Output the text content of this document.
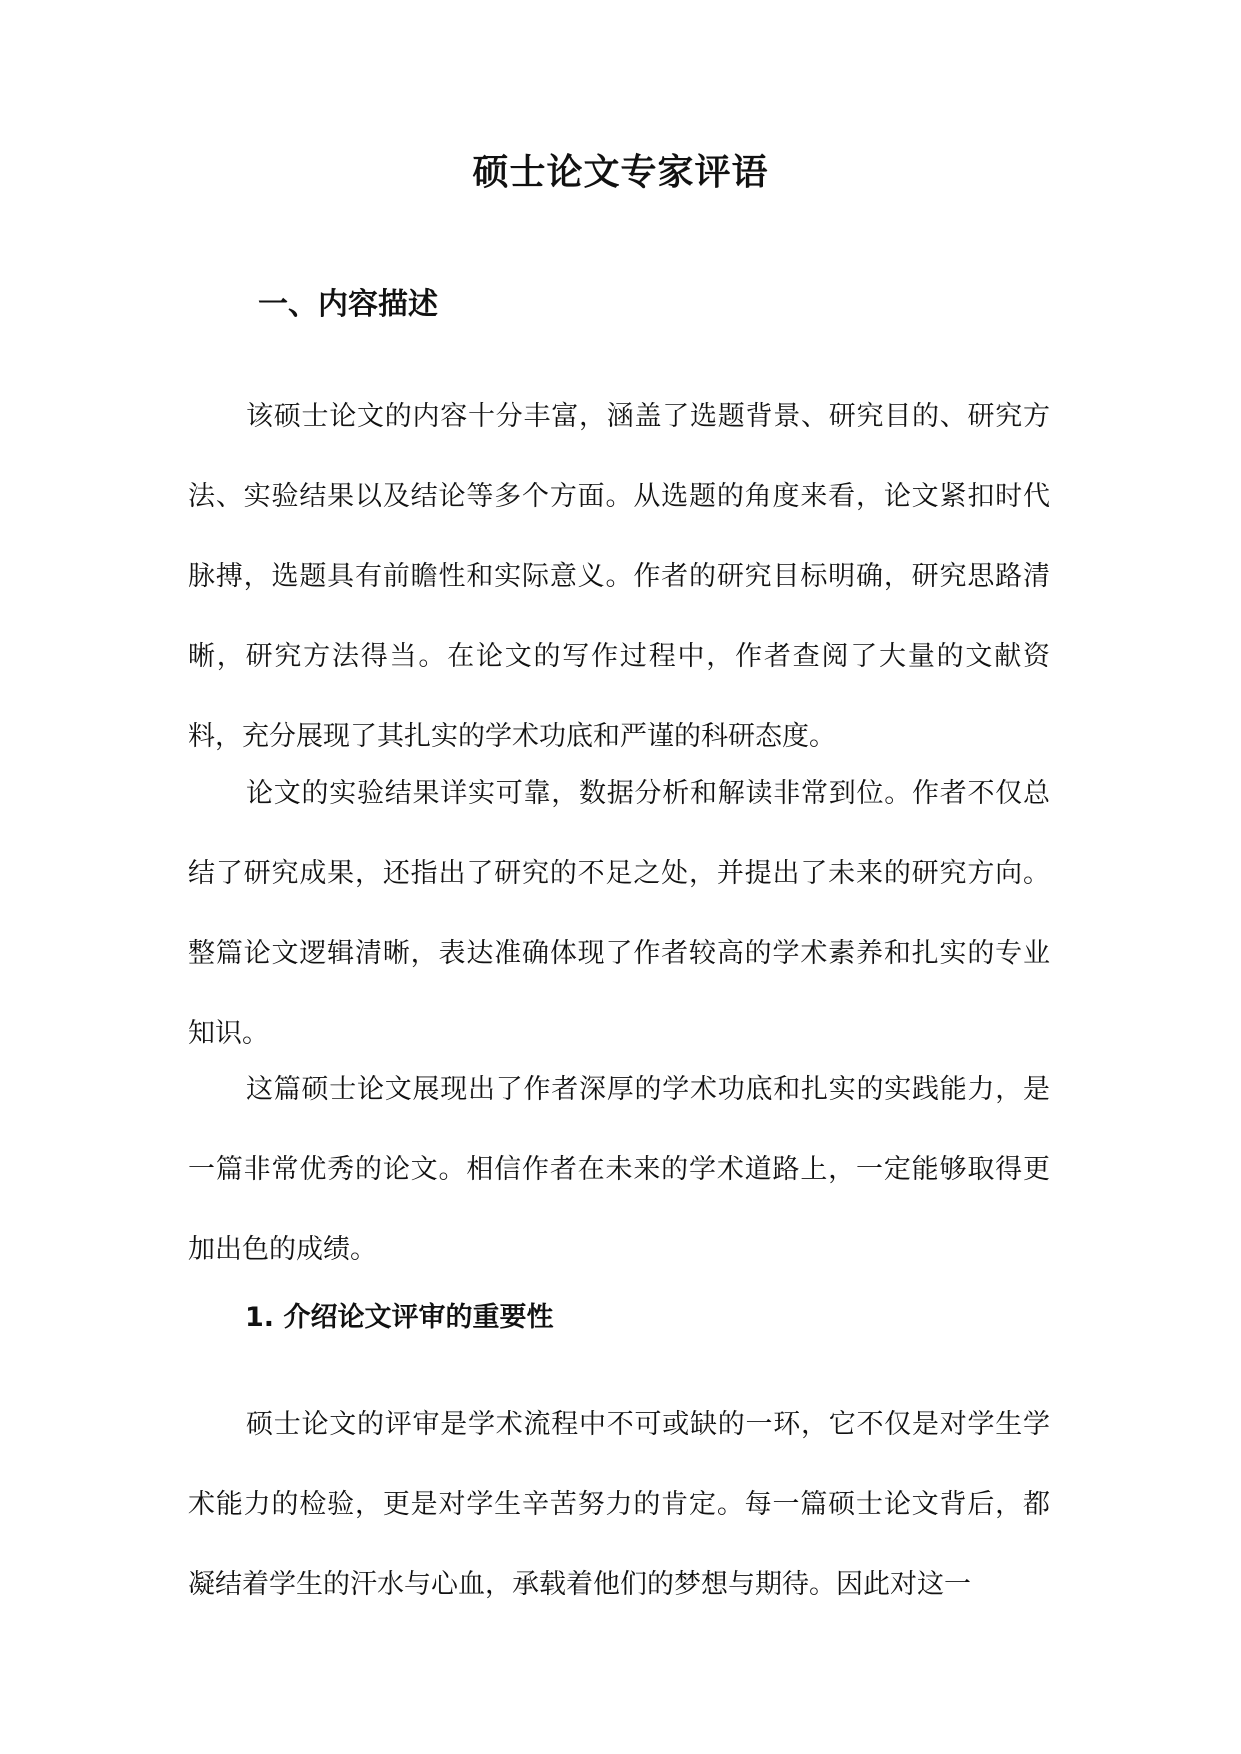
硕士论文专家评语
一、内容描述

该硕士论文的内容十分丰富，涵盖了选题背景、研究目的、研究方法、实验结果以及结论等多个方面。从选题的角度来看，论文紧扣时代脉搏，选题具有前瞻性和实际意义。作者的研究目标明确，研究思路清晰，研究方法得当。在论文的写作过程中，作者查阅了大量的文献资料，充分展现了其扎实的学术功底和严谨的科研态度。

论文的实验结果详实可靠，数据分析和解读非常到位。作者不仅总结了研究成果，还指出了研究的不足之处，并提出了未来的研究方向。整篇论文逻辑清晰，表达准确体现了作者较高的学术素养和扎实的专业知识。

这篇硕士论文展现出了作者深厚的学术功底和扎实的实践能力，是一篇非常优秀的论文。相信作者在未来的学术道路上，一定能够取得更加出色的成绩。

1. 介绍论文评审的重要性

硕士论文的评审是学术流程中不可或缺的一环，它不仅是对学生学术能力的检验，更是对学生辛苦努力的肯定。每一篇硕士论文背后，都凝结着学生的汗水与心血，承载着他们的梦想与期待。因此对这一
